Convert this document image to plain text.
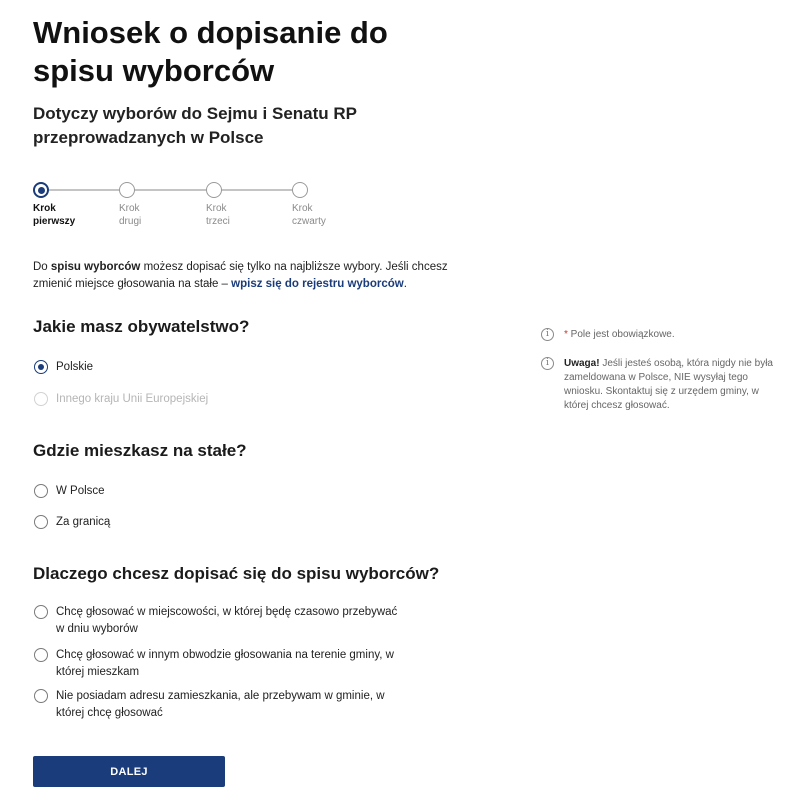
Wniosek o dopisanie do spisu wyborców
Dotyczy wyborów do Sejmu i Senatu RP przeprowadzanych w Polsce
Krok
pierwszy
Krok
drugi
Krok
trzeci
Krok
czwarty
Do spisu wyborców możesz dopisać się tylko na najbliższe wybory. Jeśli chcesz zmienić miejsce głosowania na stałe – wpisz się do rejestru wyborców.
Jakie masz obywatelstwo?
Polskie
Innego kraju Unii Europejskiej
Gdzie mieszkasz na stałe?
W Polsce
Za granicą
Dlaczego chcesz dopisać się do spisu wyborców?
Chcę głosować w miejscowości, w której będę czasowo przebywać w dniu wyborów
Chcę głosować w innym obwodzie głosowania na terenie gminy, w której mieszkam
Nie posiadam adresu zamieszkania, ale przebywam w gminie, w której chcę głosować
i	* Pole jest obowiązkowe.
i	Uwaga! Jeśli jesteś osobą, która nigdy nie była zameldowana w Polsce, NIE wysyłaj tego wniosku. Skontaktuj się z urzędem gminy, w której chcesz głosować.
DALEJ
